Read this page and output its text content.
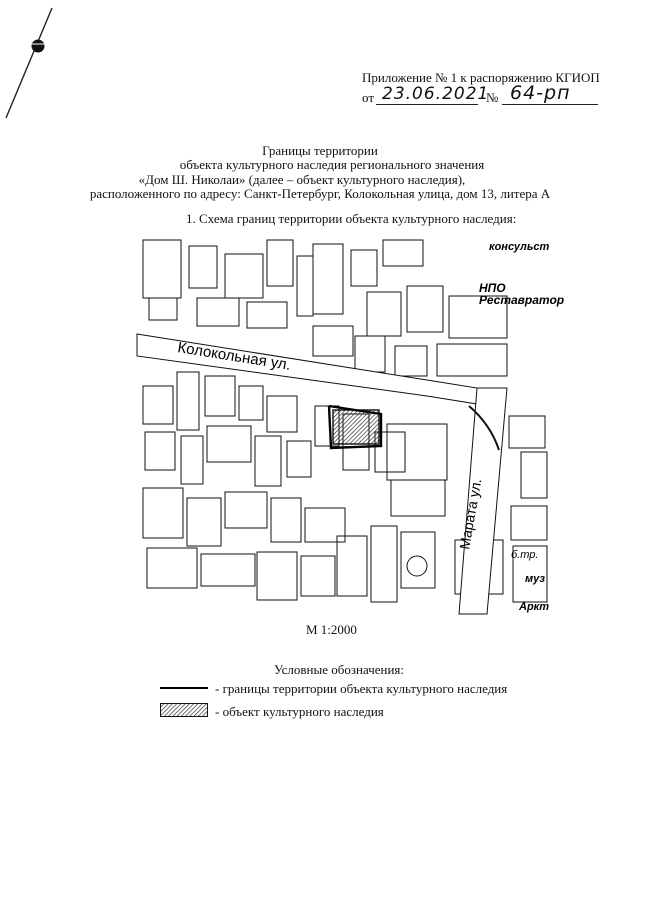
Приложение № 1 к распоряжению КГИОП
от 23.06.2021
№ 64-рп
Границы территории
объекта культурного наследия регионального значения
«Дом Ш. Николаи» (далее – объект культурного наследия),
расположенного по адресу: Санкт-Петербург, Колокольная улица, дом 13, литера А
1. Схема границ территории объекта культурного наследия:
Колокольная ул.
Марата ул.
НПО
Реставратор
консульст
муз
Аркт
б.тр.
М 1:2000
Условные обозначения:
- границы территории объекта культурного наследия
- объект культурного наследия
